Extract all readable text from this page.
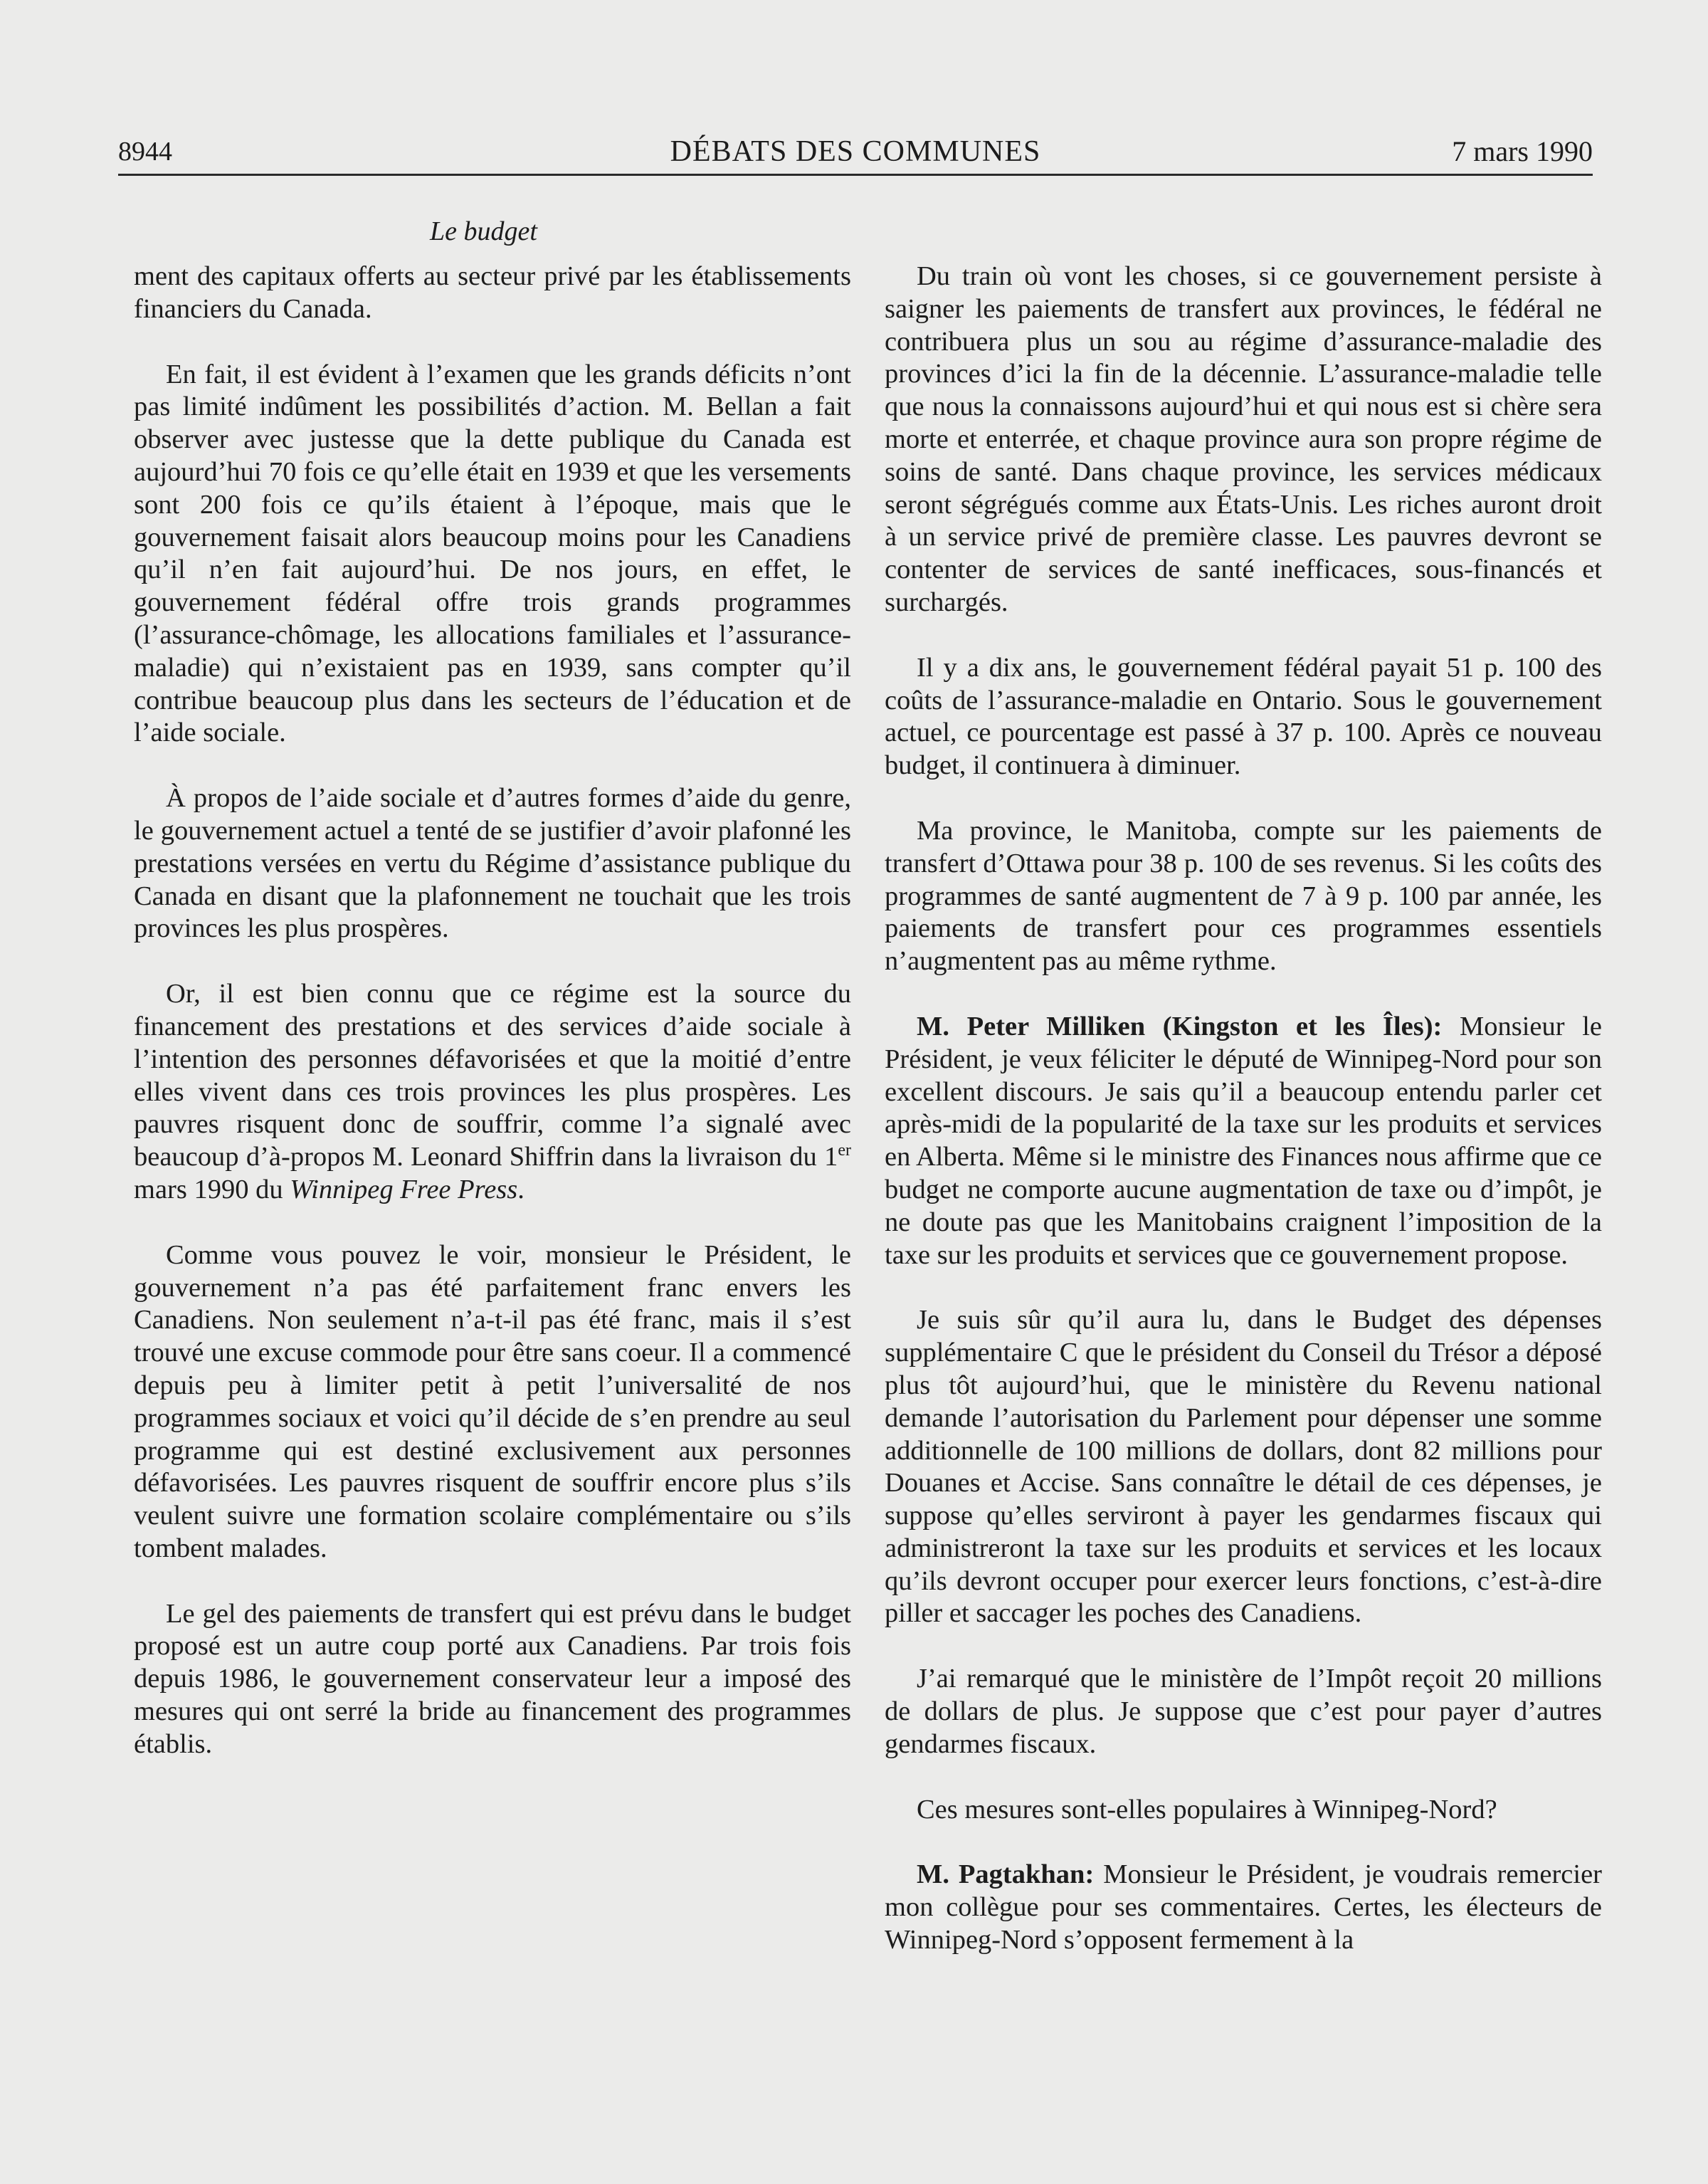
DÉBATS DES COMMUNES
8944	7 mars 1990
Le budget

ment des capitaux offerts au secteur privé par les établissements financiers du Canada.

En fait, il est évident à l’examen que les grands déficits n’ont pas limité indûment les possibilités d’action. M. Bellan a fait observer avec justesse que la dette publique du Canada est aujourd’hui 70 fois ce qu’elle était en 1939 et que les versements sont 200 fois ce qu’ils étaient à l’époque, mais que le gouvernement faisait alors beaucoup moins pour les Canadiens qu’il n’en fait aujourd’hui. De nos jours, en effet, le gouvernement fédéral offre trois grands programmes (l’assurance-chômage, les allocations familiales et l’assurance-maladie) qui n’existaient pas en 1939, sans compter qu’il contribue beaucoup plus dans les secteurs de l’éducation et de l’aide sociale.

À propos de l’aide sociale et d’autres formes d’aide du genre, le gouvernement actuel a tenté de se justifier d’avoir plafonné les prestations versées en vertu du Régime d’assistance publique du Canada en disant que la plafonnement ne touchait que les trois provinces les plus prospères.

Or, il est bien connu que ce régime est la source du financement des prestations et des services d’aide sociale à l’intention des personnes défavorisées et que la moitié d’entre elles vivent dans ces trois provinces les plus prospères. Les pauvres risquent donc de souffrir, comme l’a signalé avec beaucoup d’à-propos M. Leonard Shiffrin dans la livraison du 1er mars 1990 du Winnipeg Free Press.

Comme vous pouvez le voir, monsieur le Président, le gouvernement n’a pas été parfaitement franc envers les Canadiens. Non seulement n’a-t-il pas été franc, mais il s’est trouvé une excuse commode pour être sans coeur. Il a commencé depuis peu à limiter petit à petit l’universalité de nos programmes sociaux et voici qu’il décide de s’en prendre au seul programme qui est destiné exclusivement aux personnes défavorisées. Les pauvres risquent de souffrir encore plus s’ils veulent suivre une formation scolaire complémentaire ou s’ils tombent malades.

Le gel des paiements de transfert qui est prévu dans le budget proposé est un autre coup porté aux Canadiens. Par trois fois depuis 1986, le gouvernement conservateur leur a imposé des mesures qui ont serré la bride au financement des programmes établis.

Du train où vont les choses, si ce gouvernement persiste à saigner les paiements de transfert aux provinces, le fédéral ne contribuera plus un sou au régime d’assurance-maladie des provinces d’ici la fin de la décennie. L’assurance-maladie telle que nous la connaissons aujourd’hui et qui nous est si chère sera morte et enterrée, et chaque province aura son propre régime de soins de santé. Dans chaque province, les services médicaux seront ségrégués comme aux États-Unis. Les riches auront droit à un service privé de première classe. Les pauvres devront se contenter de services de santé inefficaces, sous-financés et surchargés.

Il y a dix ans, le gouvernement fédéral payait 51 p. 100 des coûts de l’assurance-maladie en Ontario. Sous le gouvernement actuel, ce pourcentage est passé à 37 p. 100. Après ce nouveau budget, il continuera à diminuer.

Ma province, le Manitoba, compte sur les paiements de transfert d’Ottawa pour 38 p. 100 de ses revenus. Si les coûts des programmes de santé augmentent de 7 à 9 p. 100 par année, les paiements de transfert pour ces programmes essentiels n’augmentent pas au même rythme.

M. Peter Milliken (Kingston et les Îles): Monsieur le Président, je veux féliciter le député de Winnipeg-Nord pour son excellent discours. Je sais qu’il a beaucoup entendu parler cet après-midi de la popularité de la taxe sur les produits et services en Alberta. Même si le ministre des Finances nous affirme que ce budget ne comporte aucune augmentation de taxe ou d’impôt, je ne doute pas que les Manitobains craignent l’imposition de la taxe sur les produits et services que ce gouvernement propose.

Je suis sûr qu’il aura lu, dans le Budget des dépenses supplémentaire C que le président du Conseil du Trésor a déposé plus tôt aujourd’hui, que le ministère du Revenu national demande l’autorisation du Parlement pour dépenser une somme additionnelle de 100 millions de dollars, dont 82 millions pour Douanes et Accise. Sans connaître le détail de ces dépenses, je suppose qu’elles serviront à payer les gendarmes fiscaux qui administreront la taxe sur les produits et services et les locaux qu’ils devront occuper pour exercer leurs fonctions, c’est-à-dire piller et saccager les poches des Canadiens.

J’ai remarqué que le ministère de l’Impôt reçoit 20 millions de dollars de plus. Je suppose que c’est pour payer d’autres gendarmes fiscaux.

Ces mesures sont-elles populaires à Winnipeg-Nord?

M. Pagtakhan: Monsieur le Président, je voudrais remercier mon collègue pour ses commentaires. Certes, les électeurs de Winnipeg-Nord s’opposent fermement à la
